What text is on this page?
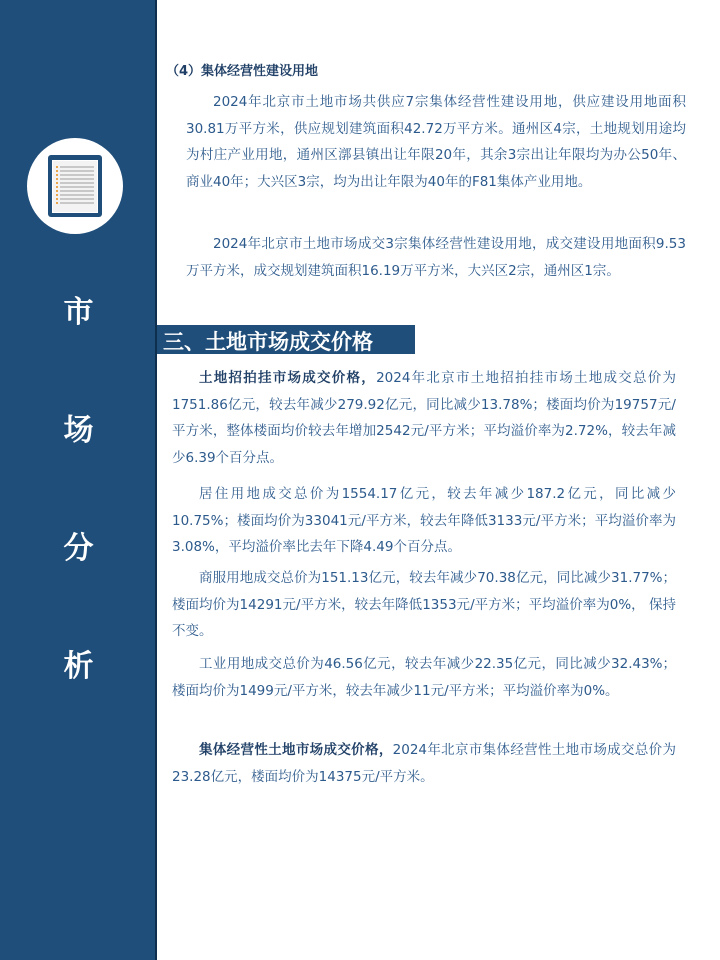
市
场
分
析
（4）集体经营性建设用地

2024年北京市土地市场共供应7宗集体经营性建设用地，供应建设用地面积30.81万平方米，供应规划建筑面积42.72万平方米。通州区4宗，土地规划用途均为村庄产业用地，通州区漷县镇出让年限20年，其余3宗出让年限均为办公50年、商业40年；大兴区3宗，均为出让年限为40年的F81集体产业用地。

2024年北京市土地市场成交3宗集体经营性建设用地，成交建设用地面积9.53万平方米，成交规划建筑面积16.19万平方米，大兴区2宗，通州区1宗。

三、土地市场成交价格

土地招拍挂市场成交价格，2024年北京市土地招拍挂市场土地成交总价为1751.86亿元，较去年减少279.92亿元，同比减少13.78%；楼面均价为19757元/平方米，整体楼面均价较去年增加2542元/平方米；平均溢价率为2.72%，较去年减少6.39个百分点。

居住用地成交总价为1554.17亿元，较去年减少187.2亿元，同比减少10.75%；楼面均价为33041元/平方米，较去年降低3133元/平方米；平均溢价率为3.08%，平均溢价率比去年下降4.49个百分点。

商服用地成交总价为151.13亿元，较去年减少70.38亿元，同比减少31.77%；楼面均价为14291元/平方米，较去年降低1353元/平方米；平均溢价率为0%， 保持不变。

工业用地成交总价为46.56亿元，较去年减少22.35亿元，同比减少32.43%；楼面均价为1499元/平方米，较去年减少11元/平方米；平均溢价率为0%。

集体经营性土地市场成交价格，2024年北京市集体经营性土地市场成交总价为23.28亿元，楼面均价为14375元/平方米。
